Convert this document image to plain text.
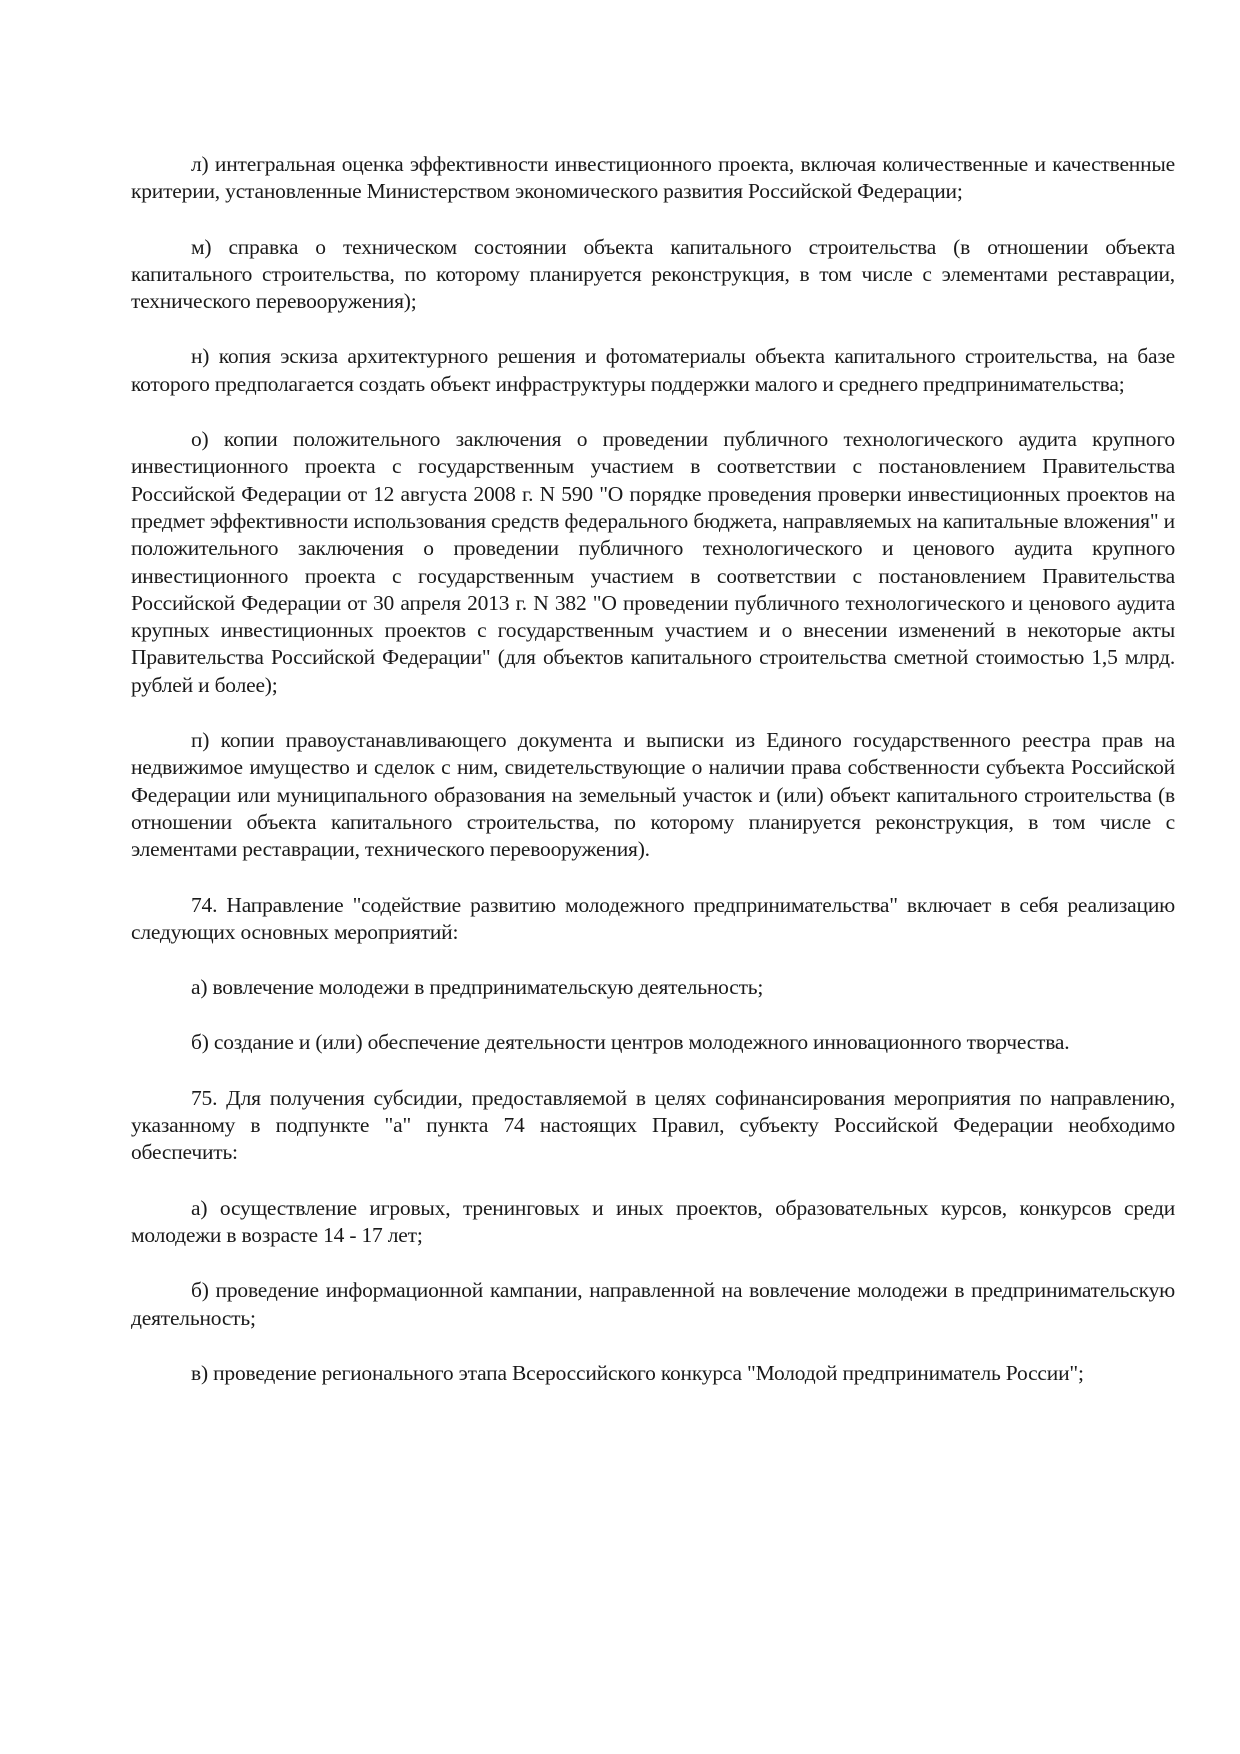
л) интегральная оценка эффективности инвестиционного проекта, включая количественные и качественные критерии, установленные Министерством экономического развития Российской Федерации;

м) справка о техническом состоянии объекта капитального строительства (в отношении объекта капитального строительства, по которому планируется реконструкция, в том числе с элементами реставрации, технического перевооружения);

н) копия эскиза архитектурного решения и фотоматериалы объекта капитального строительства, на базе которого предполагается создать объект инфраструктуры поддержки малого и среднего предпринимательства;

о) копии положительного заключения о проведении публичного технологического аудита крупного инвестиционного проекта с государственным участием в соответствии с постановлением Правительства Российской Федерации от 12 августа 2008 г. N 590 "О порядке проведения проверки инвестиционных проектов на предмет эффективности использования средств федерального бюджета, направляемых на капитальные вложения" и положительного заключения о проведении публичного технологического и ценового аудита крупного инвестиционного проекта с государственным участием в соответствии с постановлением Правительства Российской Федерации от 30 апреля 2013 г. N 382 "О проведении публичного технологического и ценового аудита крупных инвестиционных проектов с государственным участием и о внесении изменений в некоторые акты Правительства Российской Федерации" (для объектов капитального строительства сметной стоимостью 1,5 млрд. рублей и более);

п) копии правоустанавливающего документа и выписки из Единого государственного реестра прав на недвижимое имущество и сделок с ним, свидетельствующие о наличии права собственности субъекта Российской Федерации или муниципального образования на земельный участок и (или) объект капитального строительства (в отношении объекта капитального строительства, по которому планируется реконструкция, в том числе с элементами реставрации, технического перевооружения).

74. Направление "содействие развитию молодежного предпринимательства" включает в себя реализацию следующих основных мероприятий:

а) вовлечение молодежи в предпринимательскую деятельность;

б) создание и (или) обеспечение деятельности центров молодежного инновационного творчества.

75. Для получения субсидии, предоставляемой в целях софинансирования мероприятия по направлению, указанному в подпункте "а" пункта 74 настоящих Правил, субъекту Российской Федерации необходимо обеспечить:

а) осуществление игровых, тренинговых и иных проектов, образовательных курсов, конкурсов среди молодежи в возрасте 14 - 17 лет;

б) проведение информационной кампании, направленной на вовлечение молодежи в предпринимательскую деятельность;

в) проведение регионального этапа Всероссийского конкурса "Молодой предприниматель России";
